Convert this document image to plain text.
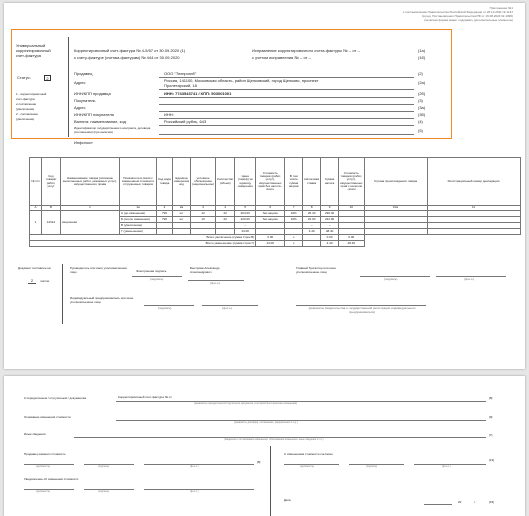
Приложение №1
к постановлению Правительства Российской Федерации от 26.12.2011 № 1137
(в ред. Постановления Правительства РФ от 16.08.2024 № 1096)
(печатная форма может содержать дополнительные элементы)
Универсальный
корректировочный
счет-фактура
Статус:	2
1 - корректировочный
счет-фактура
и составление
(увеличение)
2 - составление
(увеличение)
Корректировочный счет-фактура № 4-5/57 от 30.09.2020 (1)	Исправление корректировочного счета-фактуры № -- от --	(1а)
к счету-фактуре (счетам-фактурам) № 444 от 30.09.2020	с учетом исправления № -- от --	(1б)
Продавец	ООО "Техпрогиб"	(2)
Адрес	Россия, 141100, Московская область, район Щелковский, город Щелково, проспект Пролетарский, 18
(2а)
ИНН/КПП продавца	ИНН: 7743543741 / КПП: 503001001	(2б)
Покупатель	(3)
Адрес	(3а)
ИНН/КПП покупателя	ИНН:	(3б)
Валюта: наименование, код	Российский рубль, 643	(4)
Идентификатор государственного контракта, договора (соглашения) (при наличии)	(5)
Инфопост
№ п/п	Код товара/ работ, услуг	Наименование товара (описание выполненных работ, оказанных услуг), имущественного права	Показатели в связи с изменением стоимости отгруженных товаров	Код вида товара	Единица измерения код	условное обозначение (национальное)	Количество (объем)	Цена (тариф) за единицу измерения	Стоимость товаров (работ, услуг), имущественных прав без налога - всего	В том числе сумма акциза	Налоговая ставка	Сумма налога	Стоимость товаров (работ, услуг), имущественных прав с налогом - всего	Страна происхождения товара	Регистрационный номер декларации
А	Б	1	1а	2	2а	3	4	5	6	7	8	9	10	10а	11
1	12312	Акционная	А (до изменения)	796	шт	12	22	264.00	без акциза	10%	26.40	290.40			
			Б (после изменения)	796	шт	10	22	220.00	без акциза	10%	22.00	242.00			
			В (увеличение)					--			--	--			
			Г (уменьшение)					44.00			4.40	48.40			
Всего увеличение (сумма строк В)									0.00	х		0.00	0.00		
Всего уменьшение (сумма строк Г)									44.00	х		4.40	48.40		
Документ составлен на
2	листах
Руководитель или иное уполномоченное лицо	Электронная подпись
Быстрова Александр Александрович
(подпись)
(ф.и.о.)
Главный бухгалтер или иное уполномоченное лицо
(подпись)	(ф.и.о.)
Индивидуальный предприниматель или иное уполномоченное лицо
(подпись)	(ф.и.о.)	(реквизиты свидетельства о государственной регистрации индивидуального предпринимателя)
К передаточным / отгрузочным / документам	Корректировочный счет-фактура № от	[8]
(реквизиты передаточного/отгрузочного документа, в которой были внесены изменения)
Основание изменения стоимости	[9]
(реквизиты договора, соглашения, уведомления и т.д.)
Иные сведения	[7]
(сведения о согласовании изменения, обоснования изменения, иные сведения и т.п.)
Продавец изменил стоимость
[8]
(должность)	(подпись)	(ф.и.о.)
Уведомление об изменении стоимости
(должность)	(подпись)	(ф.и.о.)
С изменением стоимости согласен
[13]
(должность)	(подпись)	(ф.и.о.)
Дата	20	г.	[15]
